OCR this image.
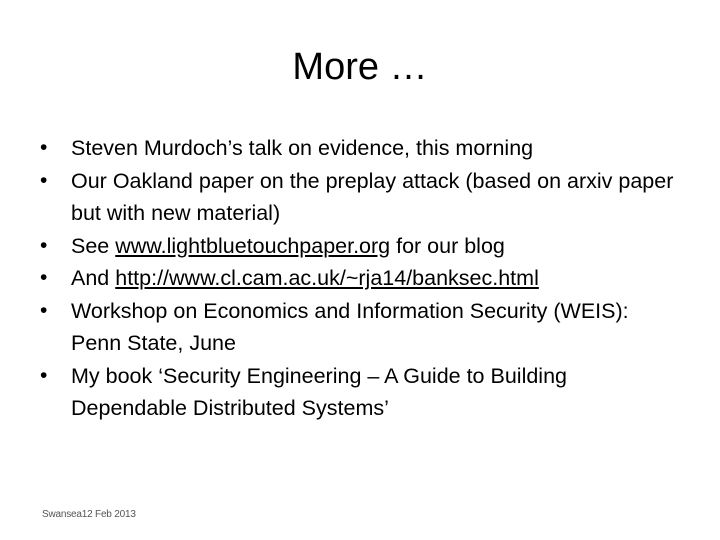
More …
•	Steven Murdoch’s talk on evidence, this morning
•	Our Oakland paper on the preplay attack (based on arxiv paper but with new material)
•	See www.lightbluetouchpaper.org for our blog
•	And http://www.cl.cam.ac.uk/~rja14/banksec.html
•	Workshop on Economics and Information Security (WEIS): Penn State, June
•	My book ‘Security Engineering – A Guide to Building Dependable Distributed Systems’
Swansea12 Feb 2013
